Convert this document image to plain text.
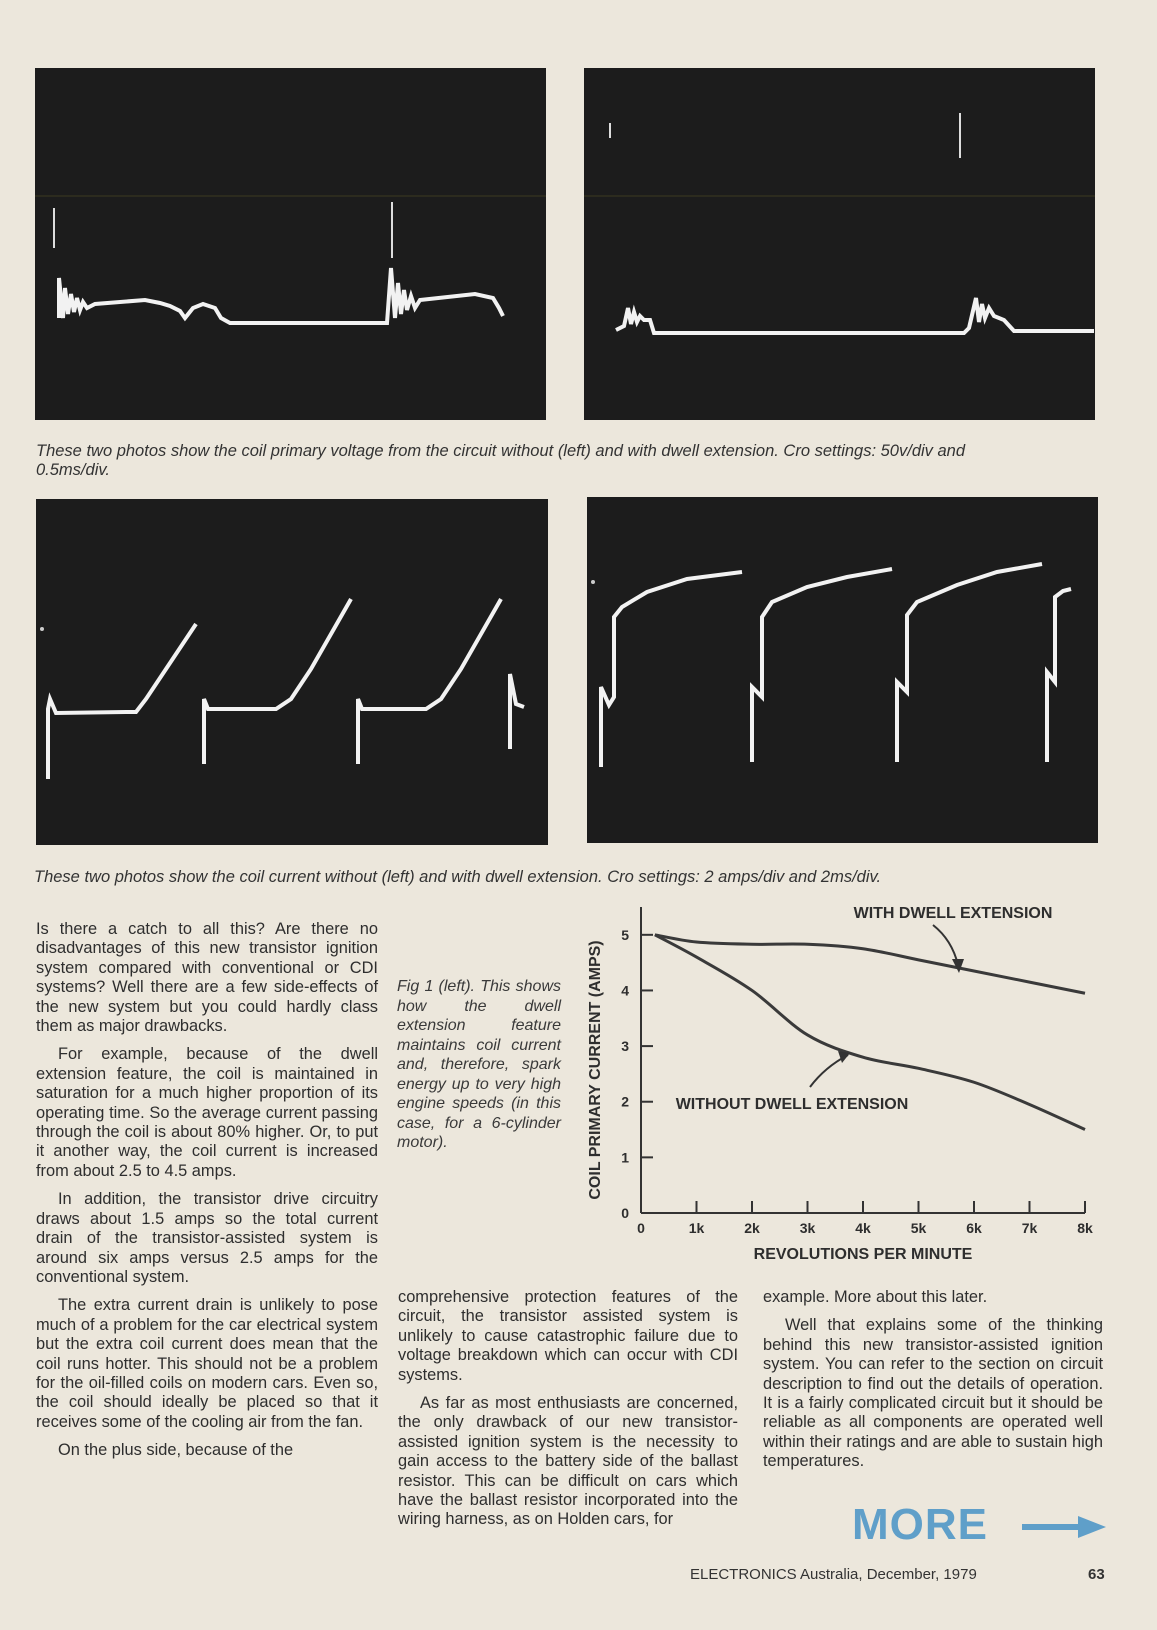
These two photos show the coil primary voltage from the circuit without (left) and with dwell extension. Cro settings: 50v/div and 0.5ms/div.

These two photos show the coil current without (left) and with dwell extension. Cro settings: 2 amps/div and 2ms/div.

Is there a catch to all this? Are there no disadvantages of this new transistor ignition system compared with conventional or CDI systems? Well there are a few side-effects of the new system but you could hardly class them as major drawbacks.

For example, because of the dwell extension feature, the coil is maintained in saturation for a much higher proportion of its operating time. So the average current passing through the coil is about 80% higher. Or, to put it another way, the coil current is increased from about 2.5 to 4.5 amps.

In addition, the transistor drive circuitry draws about 1.5 amps so the total current drain of the transistor-assisted system is around six amps versus 2.5 amps for the conventional system.

The extra current drain is unlikely to pose much of a problem for the car electrical system but the extra coil current does mean that the coil runs hotter. This should not be a problem for the oil-filled coils on modern cars. Even so, the coil should ideally be placed so that it receives some of the cooling air from the fan.

On the plus side, because of the

Fig 1 (left). This shows how the dwell extension feature maintains coil current and, therefore, spark energy up to very high engine speeds (in this case, for a 6-cylinder motor).

0
1
2
3
4
5
0	1k	2k	3k	4k	5k	6k	7k	8k
REVOLUTIONS PER MINUTE
COIL PRIMARY CURRENT (AMPS)
WITH DWELL EXTENSION
WITHOUT DWELL EXTENSION

comprehensive protection features of the circuit, the transistor assisted system is unlikely to cause catastrophic failure due to voltage breakdown which can occur with CDI systems.

As far as most enthusiasts are concerned, the only drawback of our new transistor-assisted ignition system is the necessity to gain access to the battery side of the ballast resistor. This can be difficult on cars which have the ballast resistor incorporated into the wiring harness, as on Holden cars, for

example. More about this later.

Well that explains some of the thinking behind this new transistor-assisted ignition system. You can refer to the section on circuit description to find out the details of operation. It is a fairly complicated circuit but it should be reliable as all components are operated well within their ratings and are able to sustain high temperatures.

MORE

ELECTRONICS Australia, December, 1979	63
